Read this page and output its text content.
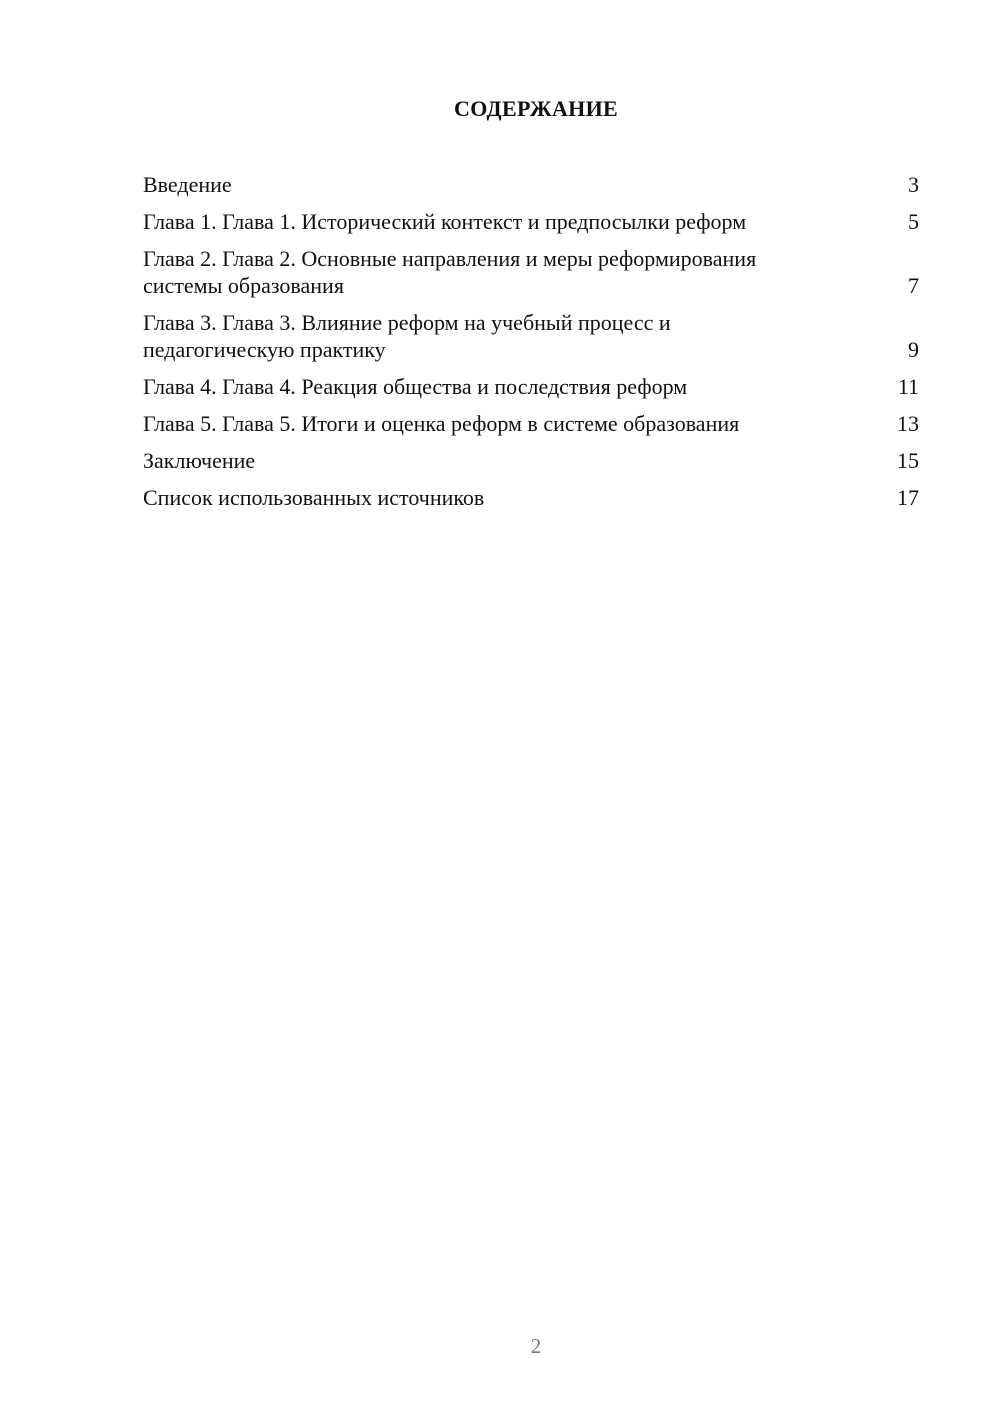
СОДЕРЖАНИЕ
Введение	3
Глава 1. Глава 1. Исторический контекст и предпосылки реформ	5
Глава 2. Глава 2. Основные направления и меры реформирования системы образования	7
Глава 3. Глава 3. Влияние реформ на учебный процесс и педагогическую практику	9
Глава 4. Глава 4. Реакция общества и последствия реформ	11
Глава 5. Глава 5. Итоги и оценка реформ в системе образования	13
Заключение	15
Список использованных источников	17
2
